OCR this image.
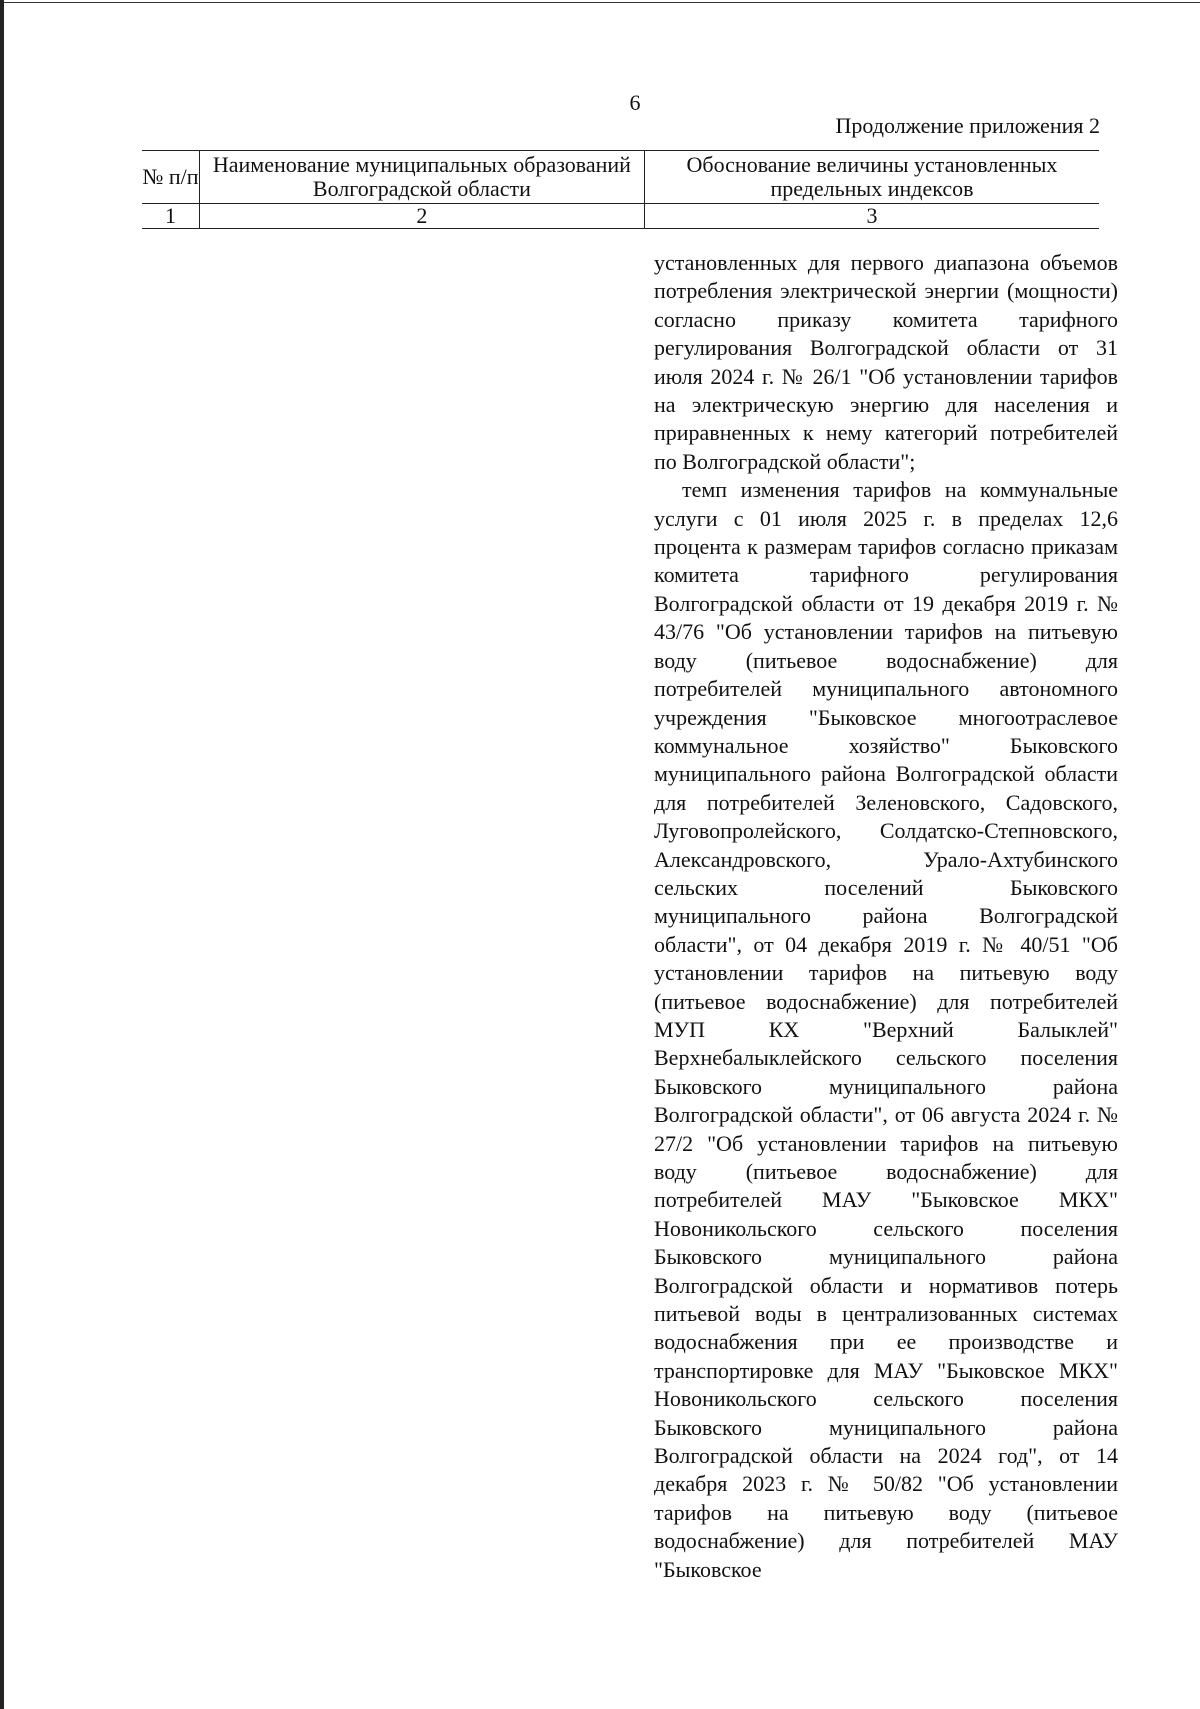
6
Продолжение приложения 2
№ п/п	Наименование муниципальных образований Волгоградской области	Обоснование величины установленных предельных индексов
1	2	3

установленных для первого диапазона объемов потребления электрической энергии (мощности) согласно приказу комитета тарифного регулирования Волгоградской области от 31 июля 2024 г. № 26/1 "Об установлении тарифов на электрическую энергию для населения и приравненных к нему категорий потребителей по Волгоградской области";

темп изменения тарифов на коммунальные услуги с 01 июля 2025 г. в пределах 12,6 процента к размерам тарифов согласно приказам комитета тарифного регулирования Волгоградской области от 19 декабря 2019 г. № 43/76 "Об установлении тарифов на питьевую воду (питьевое водоснабжение) для потребителей муниципального автономного учреждения "Быковское многоотраслевое коммунальное хозяйство" Быковского муниципального района Волгоградской области для потребителей Зеленовского, Садовского, Луговопролейского, Солдатско-Степновского, Александровского, Урало-Ахтубинского сельских поселений Быковского муниципального района Волгоградской области", от 04 декабря 2019 г. № 40/51 "Об установлении тарифов на питьевую воду (питьевое водоснабжение) для потребителей МУП КХ "Верхний Балыклей" Верхнебалыклейского сельского поселения Быковского муниципального района Волгоградской области", от 06 августа 2024 г. № 27/2 "Об установлении тарифов на питьевую воду (питьевое водоснабжение) для потребителей МАУ "Быковское МКХ" Новоникольского сельского поселения Быковского муниципального района Волгоградской области и нормативов потерь питьевой воды в централизованных системах водоснабжения при ее производстве и транспортировке для МАУ "Быковское МКХ" Новоникольского сельского поселения Быковского муниципального района Волгоградской области на 2024 год", от 14 декабря 2023 г. № 50/82 "Об установлении тарифов на питьевую воду (питьевое водоснабжение) для потребителей МАУ "Быковское
